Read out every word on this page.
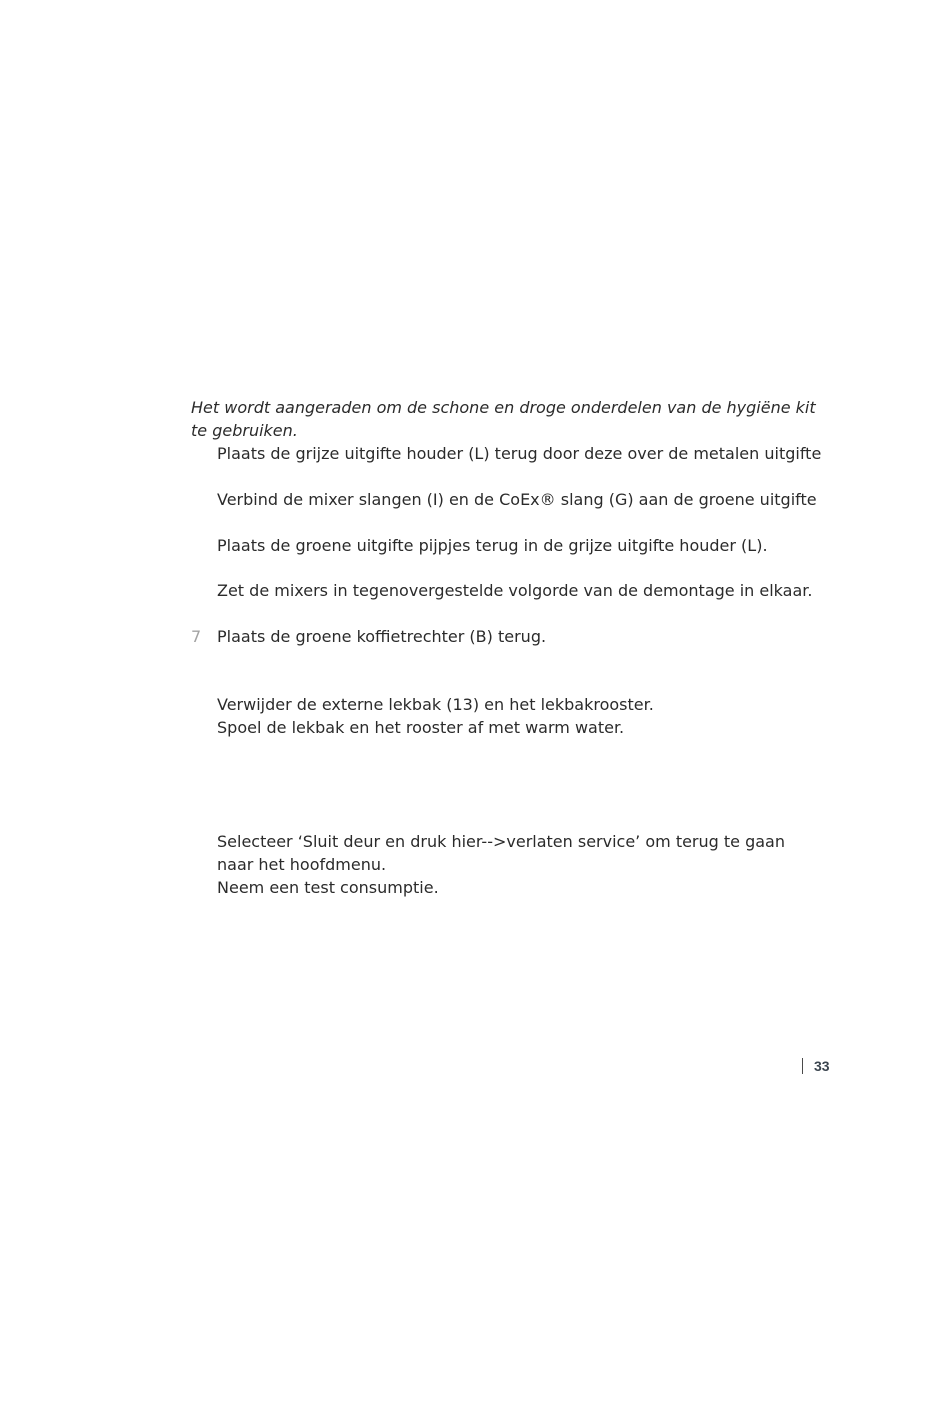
Het wordt aangeraden om de schone en droge onderdelen van de hygiëne kit te gebruiken.

Plaats de grijze uitgifte houder (L) terug door deze over de metalen uitgifte

Verbind de mixer slangen (I) en de CoEx® slang (G) aan de groene uitgifte

Plaats de groene uitgifte pijpjes terug in de grijze uitgifte houder (L).

Zet de mixers in tegenovergestelde volgorde van de demontage in elkaar.

7 Plaats de groene koffietrechter (B) terug.

Verwijder de externe lekbak (13) en het lekbakrooster.

Spoel de lekbak en het rooster af met warm water.

Selecteer ‘Sluit deur en druk hier-->verlaten service’ om terug te gaan naar het hoofdmenu.

Neem een test consumptie.

33
